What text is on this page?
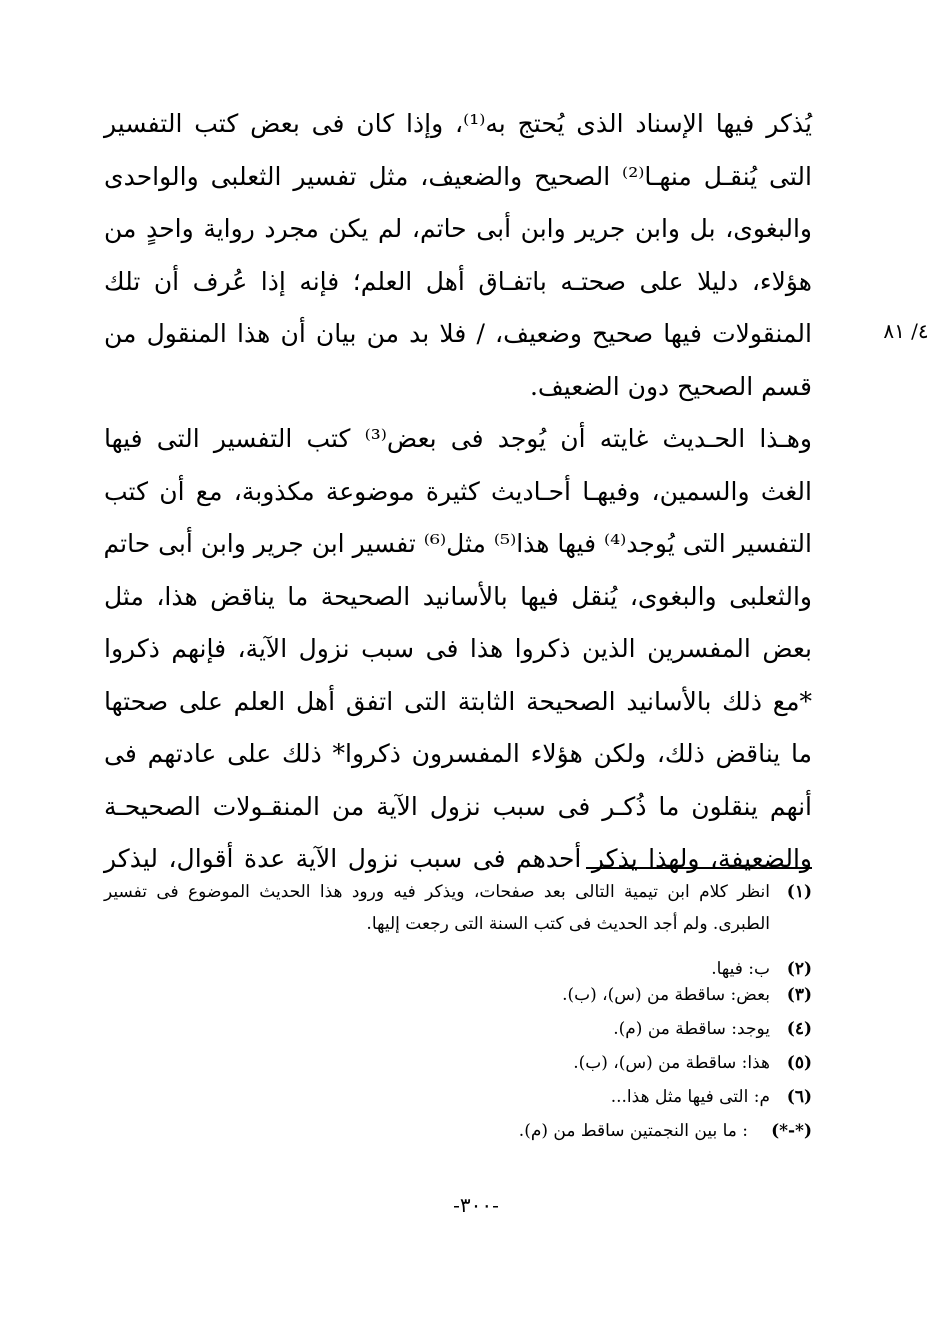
يُذكر فيها الإسناد الذى يُحتج به⁽¹⁾، وإذا كان فى بعض كتب التفسير
التى يُنقـل منهـا⁽²⁾ الصحيح والضعيف، مثل تفسير الثعلبى والواحدى
والبغوى، بل وابن جرير وابن أبى حاتم، لم يكن مجرد رواية واحدٍ من
هؤلاء، دليلا على صحتـه باتفـاق أهل العلم؛ فإنه إذا عُرف أن تلك
المنقولات فيها صحيح وضعيف، / فلا بد من بيان أن هذا المنقول من
قسم الصحيح دون الضعيف.
وهـذا الحـديث غايته أن يُوجد فى بعض⁽³⁾ كتب التفسير التى فيها
الغث والسمين، وفيهـا أحـاديث كثيرة موضوعة مكذوبة، مع أن كتب
التفسير التى يُوجد⁽⁴⁾ فيها هذا⁽⁵⁾ مثل⁽⁶⁾ تفسير ابن جرير وابن أبى حاتم
والثعلبى والبغوى، يُنقل فيها بالأسانيد الصحيحة ما يناقض هذا، مثل
بعض المفسرين الذين ذكروا هذا فى سبب نزول الآية، فإنهم ذكروا
*مع ذلك بالأسانيد الصحيحة الثابتة التى اتفق أهل العلم على صحتها
ما يناقض ذلك، ولكن هؤلاء المفسرون ذكروا* ذلك على عادتهم فى
أنهم ينقلون ما ذُكـر فى سبب نزول الآية من المنقـولات الصحيحـة
والضعيفة، ولهذا يذكر أحدهم فى سبب نزول الآية عدة أقوال، ليذكر
٤/ ٨١
(١)
انظر كلام ابن تيمية التالى بعد صفحات، ويذكر فيه ورود هذا الحديث الموضوع فى تفسير الطبرى. ولم أجد الحديث فى كتب السنة التى رجعت إليها.
(٢)
ب: فيها.
(٣)
بعض: ساقطة من (س)، (ب).
(٤)
يوجد: ساقطة من (م).
(٥)
هذا: ساقطة من (س)، (ب).
(٦)
م: التى فيها مثل هذا...
(*-*)
: ما بين النجمتين ساقط من (م).
-٣٠٠-
